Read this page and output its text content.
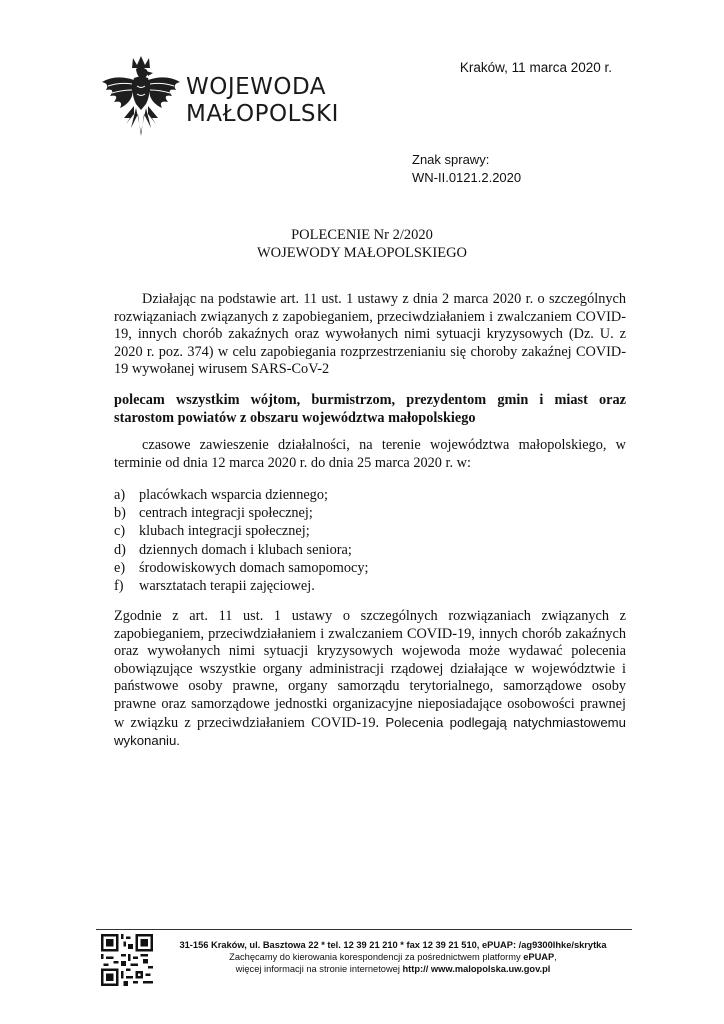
WOJEWODA
MAŁOPOLSKI
Kraków, 11 marca 2020 r.
Znak sprawy:
WN-II.0121.2.2020
POLECENIE Nr 2/2020
WOJEWODY MAŁOPOLSKIEGO
Działając na podstawie art. 11 ust. 1 ustawy z dnia 2 marca 2020 r. o szczególnych rozwiązaniach związanych z zapobieganiem, przeciwdziałaniem i zwalczaniem COVID-19, innych chorób zakaźnych oraz wywołanych nimi sytuacji kryzysowych (Dz. U. z 2020 r. poz. 374) w celu zapobiegania rozprzestrzenianiu się choroby zakaźnej COVID-19 wywołanej wirusem SARS-CoV-2
polecam wszystkim wójtom, burmistrzom, prezydentom gmin i miast oraz starostom powiatów z obszaru województwa małopolskiego
czasowe zawieszenie działalności, na terenie województwa małopolskiego, w terminie od dnia 12 marca 2020 r. do dnia 25 marca 2020 r. w:
a) placówkach wsparcia dziennego;
b) centrach integracji społecznej;
c) klubach integracji społecznej;
d) dziennych domach i klubach seniora;
e) środowiskowych domach samopomocy;
f)	warsztatach terapii zajęciowej.
Zgodnie z art. 11 ust. 1 ustawy o szczególnych rozwiązaniach związanych z zapobieganiem, przeciwdziałaniem i zwalczaniem COVID-19, innych chorób zakaźnych oraz wywołanych nimi sytuacji kryzysowych wojewoda może wydawać polecenia obowiązujące wszystkie organy administracji rządowej działające w województwie i państwowe osoby prawne, organy samorządu terytorialnego, samorządowe osoby prawne oraz samorządowe jednostki organizacyjne nieposiadające osobowości prawnej w związku z przeciwdziałaniem COVID-19. Polecenia podlegają natychmiastowemu wykonaniu.
31-156 Kraków, ul. Basztowa 22 * tel. 12 39 21 210 * fax 12 39 21 510, ePUAP: /ag9300lhke/skrytka
Zachęcamy do kierowania korespondencji za pośrednictwem platformy ePUAP,
więcej informacji na stronie internetowej http:// www.malopolska.uw.gov.pl
